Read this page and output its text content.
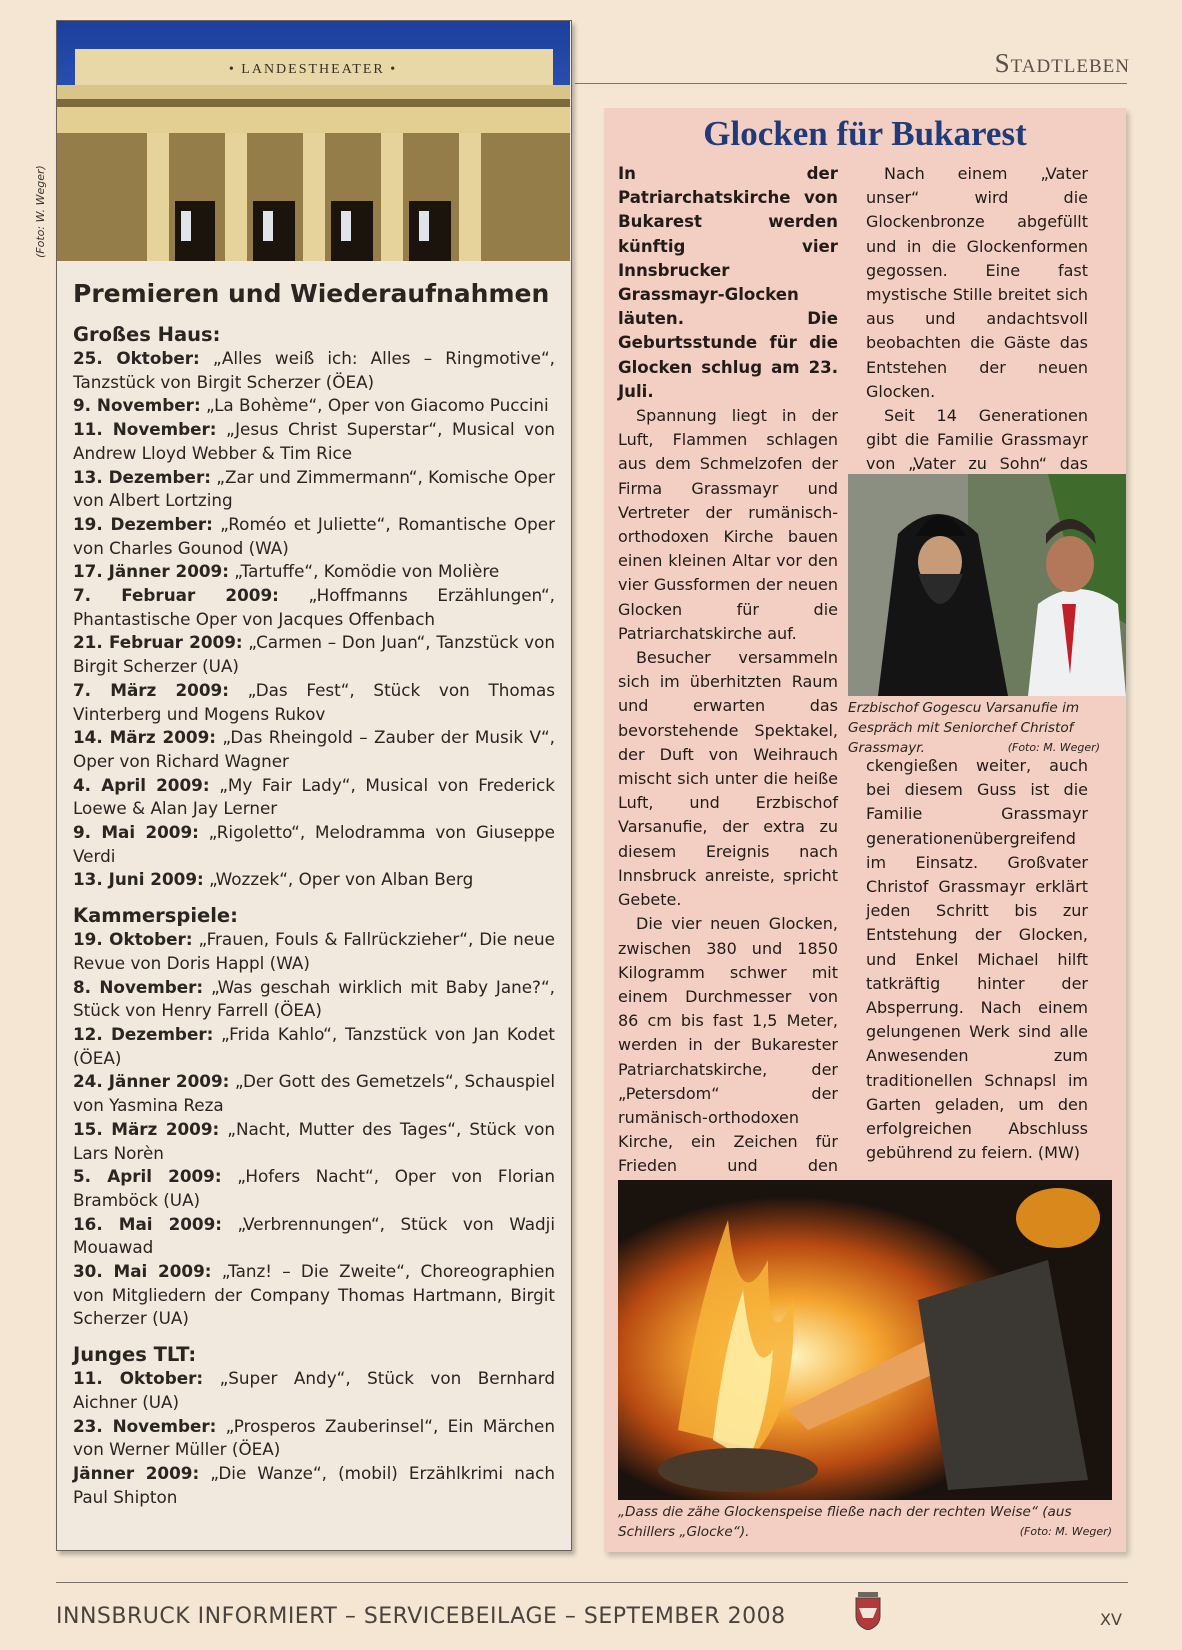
Stadtleben
(Foto: W. Weger)
• LANDESTHEATER •
Premieren und Wiederaufnahmen
Großes Haus:

25. Oktober: „Alles weiß ich: Alles – Ringmotive“, Tanzstück von Birgit Scherzer (ÖEA)

9. November: „La Bohème“, Oper von Giacomo Puccini

11. November: „Jesus Christ Superstar“, Musical von Andrew Lloyd Webber & Tim Rice

13. Dezember: „Zar und Zimmermann“, Komische Oper von Albert Lortzing

19. Dezember: „Roméo et Juliette“, Romantische Oper von Charles Gounod (WA)

17. Jänner 2009: „Tartuffe“, Komödie von Molière

7. Februar 2009: „Hoffmanns Erzählungen“, Phantastische Oper von Jacques Offenbach

21. Februar 2009: „Carmen – Don Juan“, Tanzstück von Birgit Scherzer (UA)

7. März 2009: „Das Fest“, Stück von Thomas Vinterberg und Mogens Rukov

14. März 2009: „Das Rheingold – Zauber der Musik V“, Oper von Richard Wagner

4. April 2009: „My Fair Lady“, Musical von Frederick Loewe & Alan Jay Lerner

9. Mai 2009: „Rigoletto“, Melodramma von Giuseppe Verdi

13. Juni 2009: „Wozzek“, Oper von Alban Berg

Kammerspiele:

19. Oktober: „Frauen, Fouls & Fallrückzieher“, Die neue Revue von Doris Happl (WA)

8. November: „Was geschah wirklich mit Baby Jane?“, Stück von Henry Farrell (ÖEA)

12. Dezember: „Frida Kahlo“, Tanzstück von Jan Kodet (ÖEA)

24. Jänner 2009: „Der Gott des Gemetzels“, Schauspiel von Yasmina Reza

15. März 2009: „Nacht, Mutter des Tages“, Stück von Lars Norèn

5. April 2009: „Hofers Nacht“, Oper von Florian Bramböck (UA)

16. Mai 2009: „Verbrennungen“, Stück von Wadji Mouawad

30. Mai 2009: „Tanz! – Die Zweite“, Choreographien von Mitgliedern der Company Thomas Hartmann, Birgit Scherzer (UA)

Junges TLT:

11. Oktober: „Super Andy“, Stück von Bernhard Aichner (UA)

23. November: „Prosperos Zauberinsel“, Ein Märchen von Werner Müller (ÖEA)

Jänner 2009: „Die Wanze“, (mobil) Erzählkrimi nach Paul Shipton

Glocken für Bukarest

In der Patriarchatskirche von Bukarest werden künftig vier Innsbrucker Grassmayr-Glocken läuten. Die Geburtsstunde für die Glocken schlug am 23. Juli.

Spannung liegt in der Luft, Flammen schlagen aus dem Schmelzofen der Firma Grassmayr und Vertreter der rumänisch-orthodoxen Kirche bauen einen kleinen Altar vor den vier Gussformen der neuen Glocken für die Patriarchatskirche auf.

Besucher versammeln sich im überhitzten Raum und erwarten das bevorstehende Spektakel, der Duft von Weihrauch mischt sich unter die heiße Luft, und Erzbischof Varsanufie, der extra zu diesem Ereignis nach Innsbruck anreiste, spricht Gebete.

Die vier neuen Glocken, zwischen 380 und 1850 Kilogramm schwer mit einem Durchmesser von 86 cm bis fast 1,5 Meter, werden in der Bukarester Patriarchatskirche, der „Petersdom“ der rumänisch-orthodoxen Kirche, ein Zeichen für Frieden und den

Nach einem „Vater unser“ wird die Glockenbronze abgefüllt und in die Glockenformen gegossen. Eine fast mystische Stille breitet sich aus und andachtsvoll beobachten die Gäste das Entstehen der neuen Glocken.

Seit 14 Generationen gibt die Familie Grassmayr von „Vater zu Sohn“ das

Erzbischof Gogescu Varsanufie im Gespräch mit Seniorchef Christof Grassmayr.	(Foto: M. Weger)

ckengießen weiter, auch bei diesem Guss ist die Familie Grassmayr generationenübergreifend im Einsatz. Großvater Christof Grassmayr erklärt jeden Schritt bis zur Entstehung der Glocken, und Enkel Michael hilft tatkräftig hinter der Absperrung. Nach einem gelungenen Werk sind alle Anwesenden zum traditionellen Schnapsl im Garten geladen, um den erfolgreichen Abschluss gebührend zu feiern. (MW)

„Dass die zähe Glockenspeise fließe nach der rechten Weise“ (aus Schillers „Glocke“).	(Foto: M. Weger)
INNSBRUCK INFORMIERT – SERVICEBEILAGE – SEPTEMBER 2008	XV
